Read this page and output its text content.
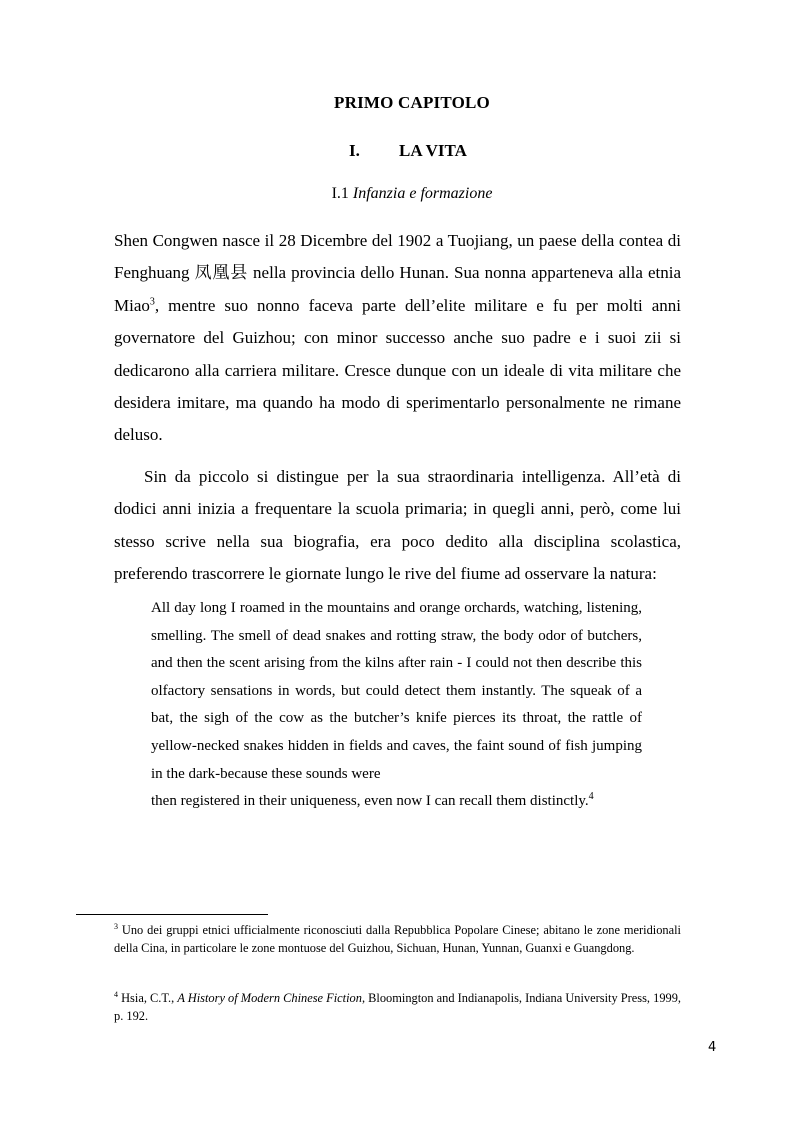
PRIMO CAPITOLO
I. LA VITA
I.1 Infanzia e formazione

Shen Congwen nasce il 28 Dicembre del 1902 a Tuojiang, un paese della contea di Fenghuang 凤凰县 nella provincia dello Hunan. Sua nonna apparteneva alla etnia Miao$^3$, mentre suo nonno faceva parte dell’elite militare e fu per molti anni governatore del Guizhou; con minor successo anche suo padre e i suoi zii si dedicarono alla carriera militare. Cresce dunque con un ideale di vita militare che desidera imitare, ma quando ha modo di sperimentarlo personalmente ne rimane deluso.

Sin da piccolo si distingue per la sua straordinaria intelligenza. All’età di dodici anni inizia a frequentare la scuola primaria; in quegli anni, però, come lui stesso scrive nella sua biografia, era poco dedito alla disciplina scolastica, preferendo trascorrere le giornate lungo le rive del fiume ad osservare la natura:

All day long I roamed in the mountains and orange orchards, watching, listening, smelling. The smell of dead snakes and rotting straw, the body odor of butchers, and then the scent arising from the kilns after rain - I could not then describe this olfactory sensations in words, but could detect them instantly. The squeak of a bat, the sigh of the cow as the butcher’s knife pierces its throat, the rattle of yellow-necked snakes hidden in fields and caves, the faint sound of fish jumping in the dark-because these sounds were
then registered in their uniqueness, even now I can recall them distinctly.$^4$
$^3$ Uno dei gruppi etnici ufficialmente riconosciuti dalla Repubblica Popolare Cinese; abitano le zone meridionali della Cina, in particolare le zone montuose del Guizhou, Sichuan, Hunan, Yunnan, Guanxi e Guangdong.
$^4$ Hsia, C.T., A History of Modern Chinese Fiction, Bloomington and Indianapolis, Indiana University Press, 1999, p. 192.
4
